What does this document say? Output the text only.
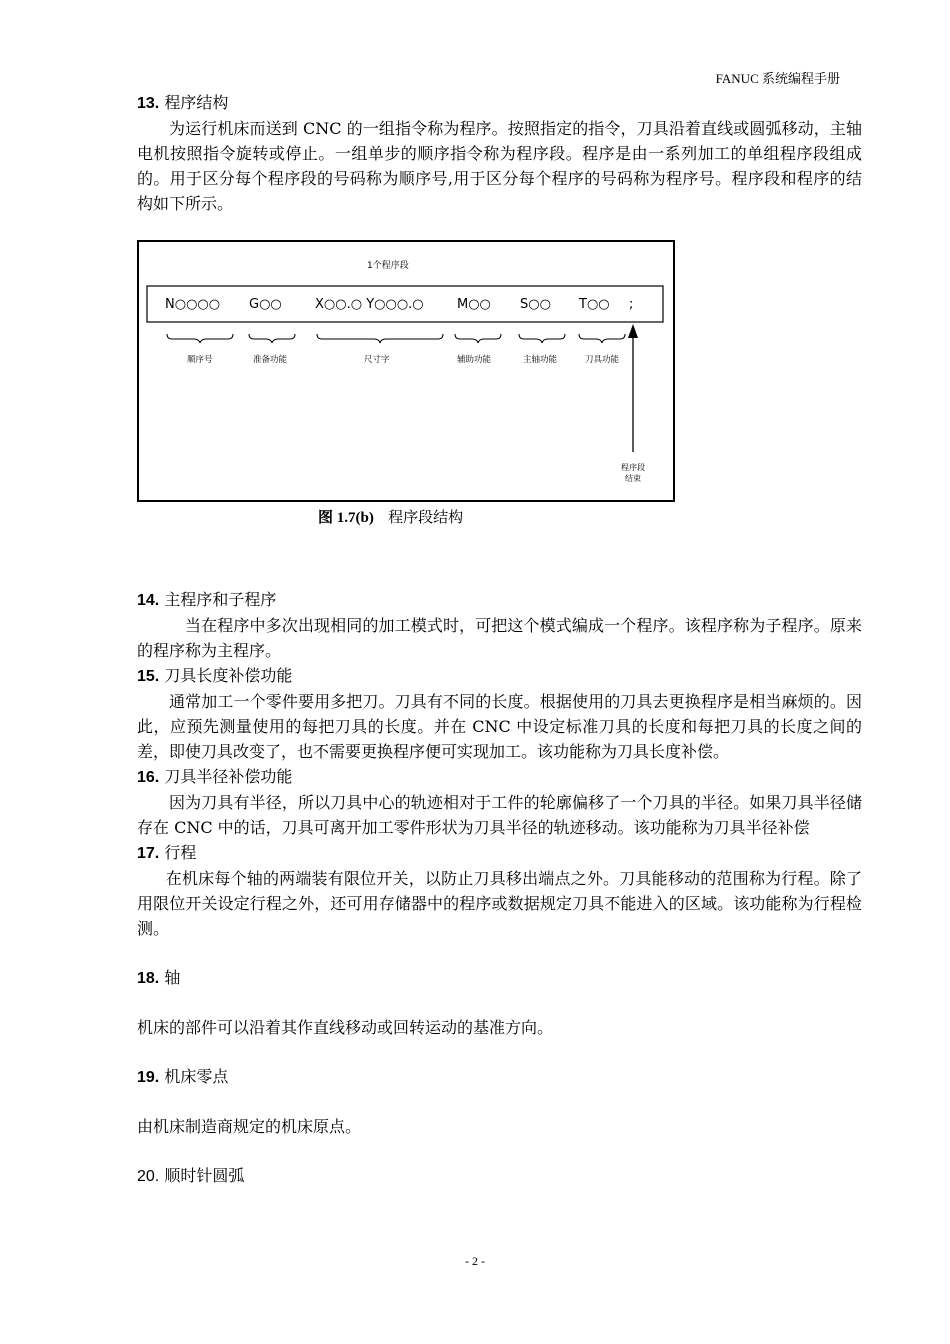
FANUC 系统编程手册
13. 程序结构
为运行机床而送到 CNC 的一组指令称为程序。按照指定的指令，刀具沿着直线或圆弧移动，主轴电机按照指令旋转或停止。一组单步的顺序指令称为程序段。程序是由一系列加工的单组程序段组成的。用于区分每个程序段的号码称为顺序号,用于区分每个程序的号码称为程序号。程序段和程序的结构如下所示。
1个程序段
N○○○○ G○○	X○○.○ Y○○○.○	M○○ S○○ T○○ ;
顺序号	准备功能	尺寸字	辅助功能	主轴功能	刀具功能
程序段
结束
图 1.7(b) 程序段结构
14. 主程序和子程序
当在程序中多次出现相同的加工模式时，可把这个模式编成一个程序。该程序称为子程序。原来的程序称为主程序。
15. 刀具长度补偿功能
通常加工一个零件要用多把刀。刀具有不同的长度。根据使用的刀具去更换程序是相当麻烦的。因此，应预先测量使用的每把刀具的长度。并在 CNC 中设定标准刀具的长度和每把刀具的长度之间的差，即使刀具改变了，也不需要更换程序便可实现加工。该功能称为刀具长度补偿。
16. 刀具半径补偿功能
因为刀具有半径，所以刀具中心的轨迹相对于工件的轮廓偏移了一个刀具的半径。如果刀具半径储存在 CNC 中的话，刀具可离开加工零件形状为刀具半径的轨迹移动。该功能称为刀具半径补偿
17. 行程
在机床每个轴的两端装有限位开关，以防止刀具移出端点之外。刀具能移动的范围称为行程。除了用限位开关设定行程之外，还可用存储器中的程序或数据规定刀具不能进入的区域。该功能称为行程检测。
18. 轴
机床的部件可以沿着其作直线移动或回转运动的基准方向。
19. 机床零点
由机床制造商规定的机床原点。
20. 顺时针圆弧
- 2 -
